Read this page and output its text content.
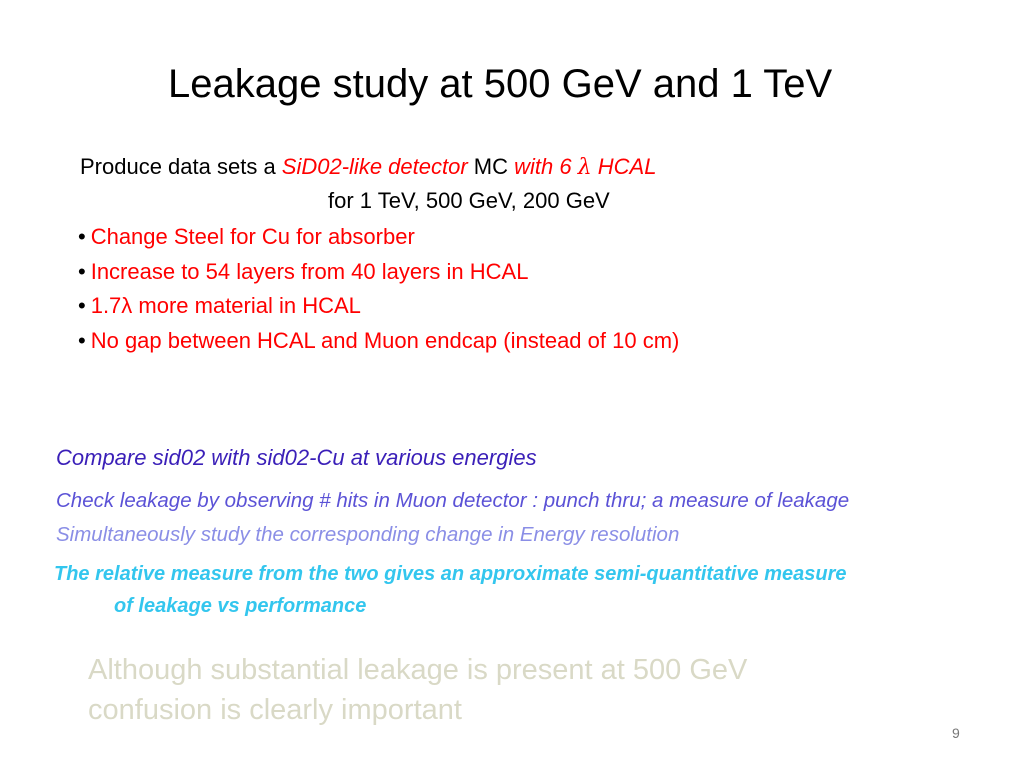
Leakage study at 500 GeV and 1 TeV
Produce data sets a SiD02-like detector MC with 6 λ HCAL
for 1 TeV, 500 GeV, 200 GeV
• Change Steel for Cu for absorber
• Increase to 54 layers from 40 layers in HCAL
• 1.7λ more material in HCAL
• No gap between HCAL and Muon endcap (instead of 10 cm)
Compare sid02 with sid02-Cu at various energies
Check leakage by observing # hits in Muon detector : punch thru; a measure of leakage
Simultaneously study the corresponding change in Energy resolution
The relative measure from the two gives an approximate semi-quantitative measure
of leakage vs performance
Although substantial leakage is present at 500 GeV
confusion is clearly important
9
